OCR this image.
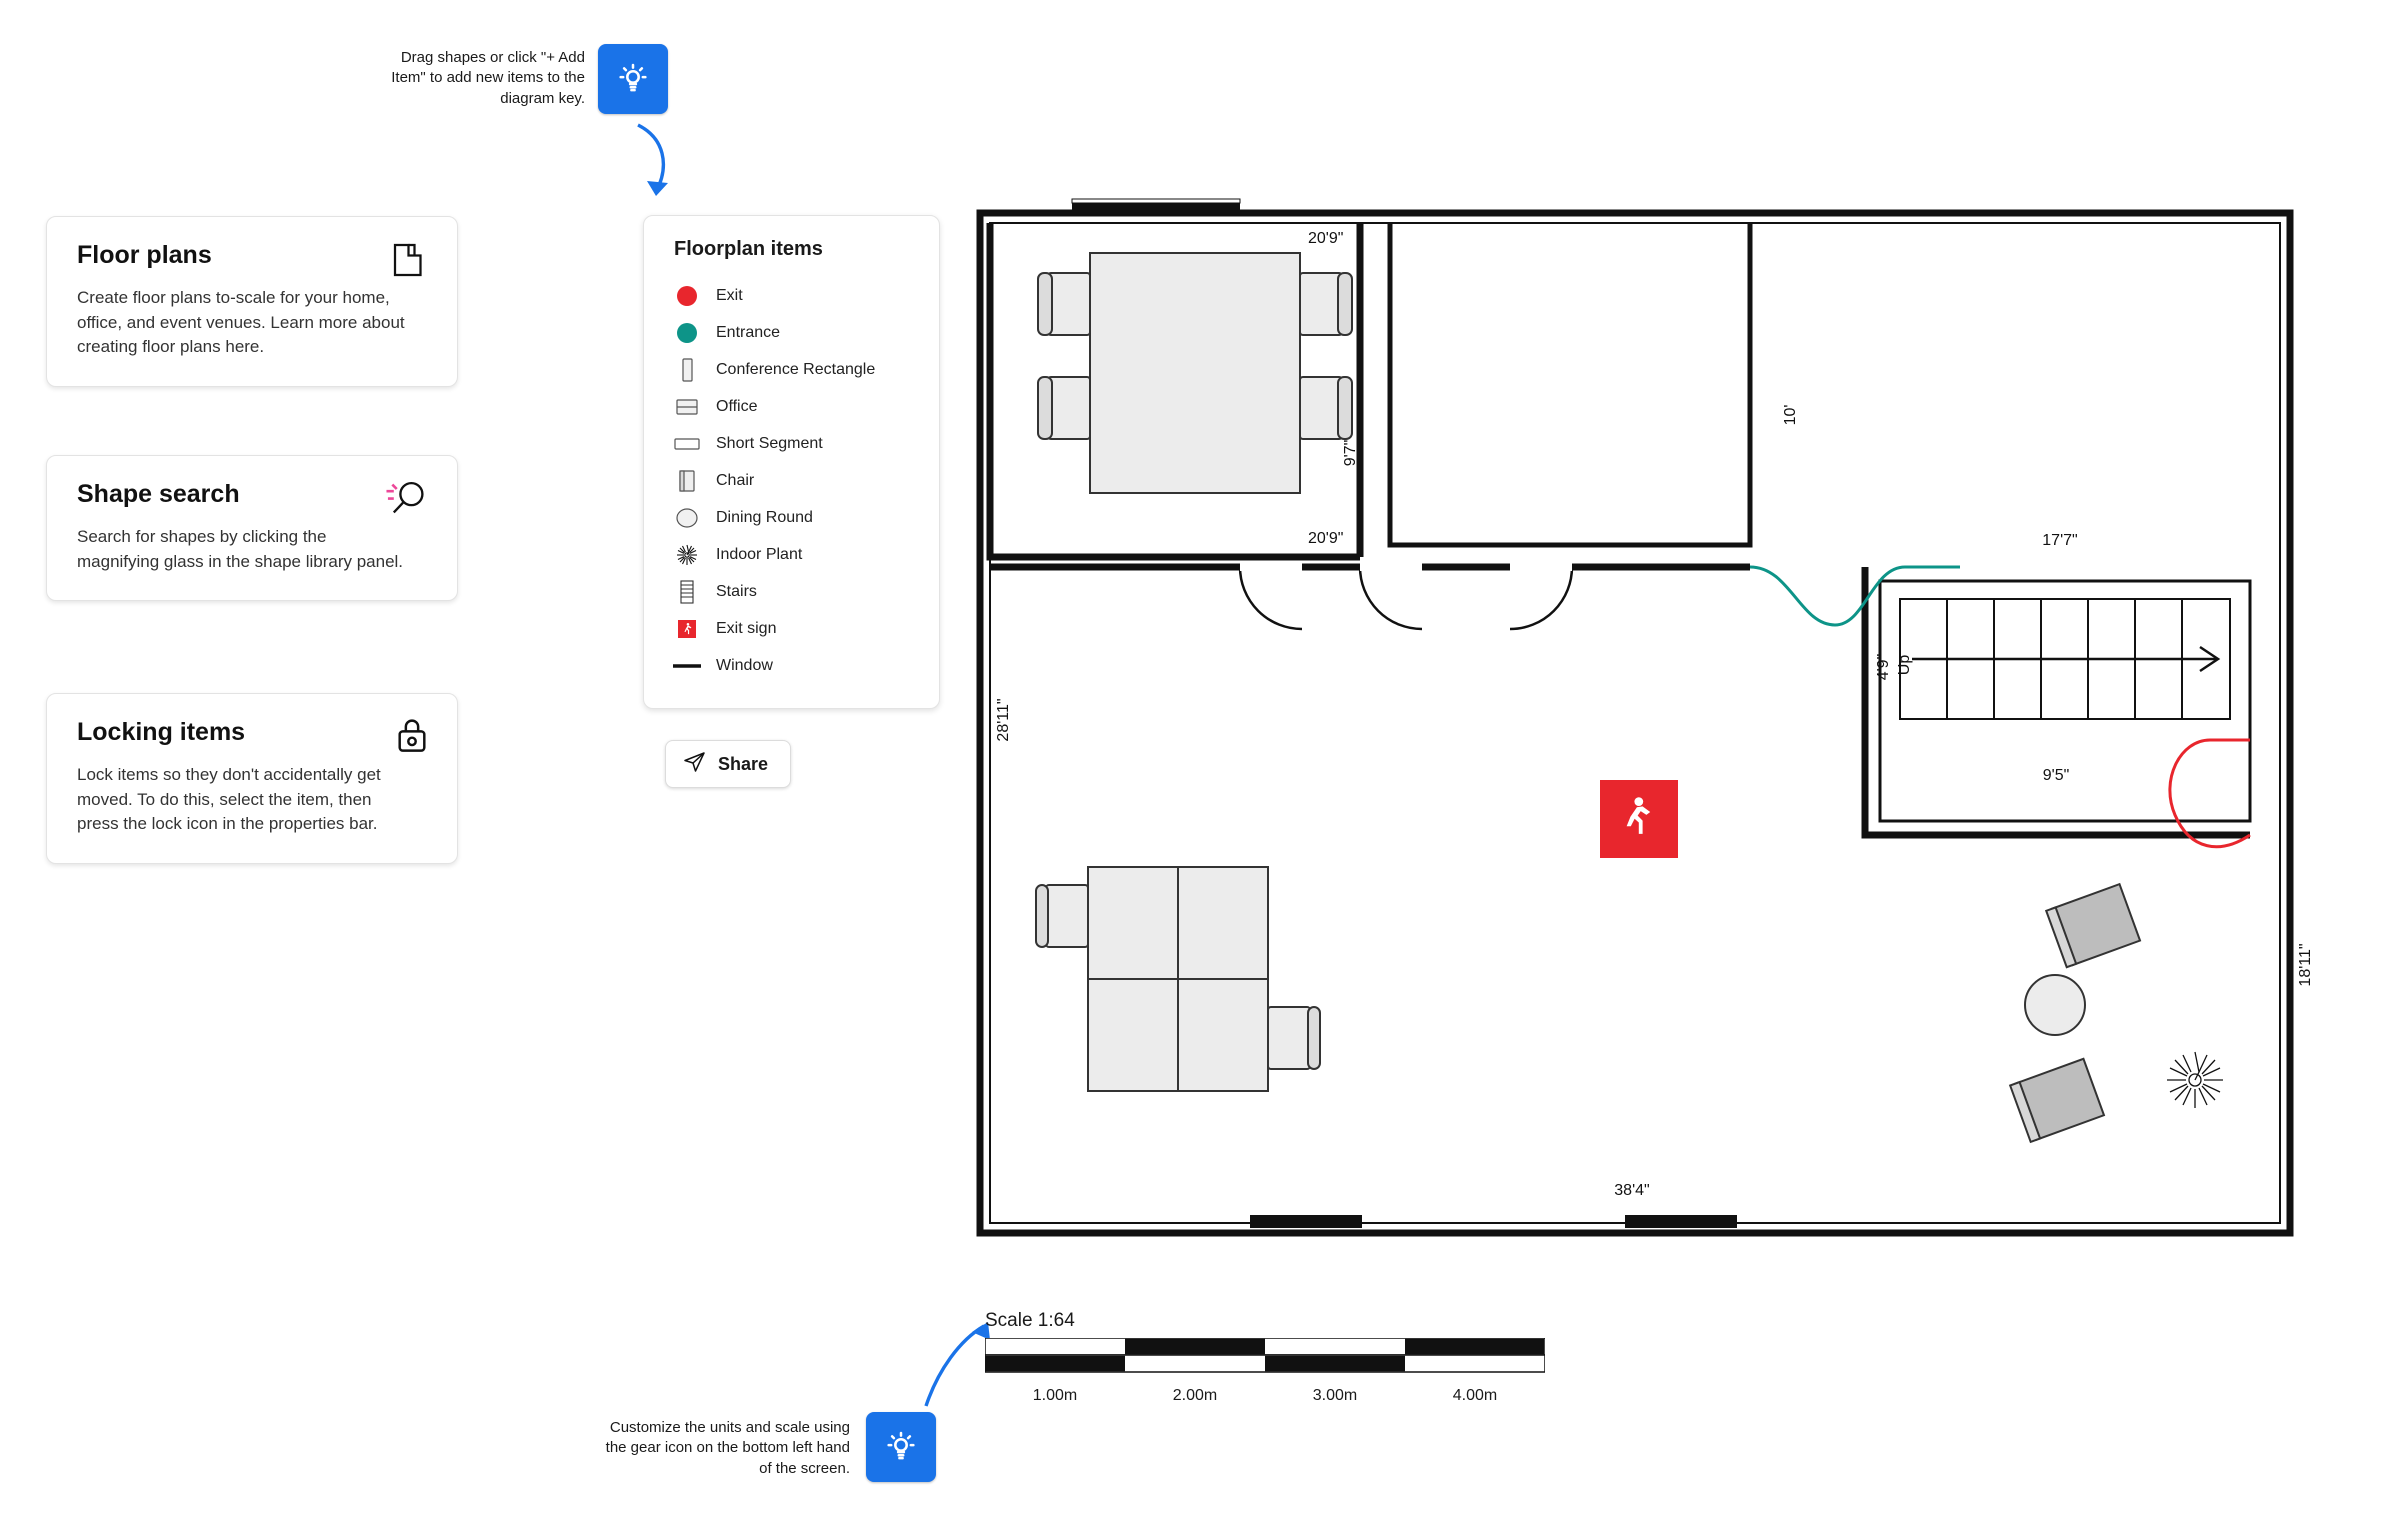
Drag shapes or click "+ Add Item" to add new items to the diagram key.
Floor plans

Create floor plans to-scale for your home, office, and event venues. Learn more about creating floor plans here.

Shape search

Search for shapes by clicking the magnifying glass in the shape library panel.

Locking items

Lock items so they don't accidentally get moved. To do this, select the item, then press the lock icon in the properties bar.

Floorplan items
Exit
Entrance
Conference Rectangle
Office
Short Segment
Chair
Dining Round
Indoor Plant
Stairs
Exit sign
Window
Share
Up
20'9"
9'7"
20'9"
10'
28'11"
38'4"
17'7"
4'9"
9'5"
18'11"
Customize the units and scale using the gear icon on the bottom left hand of the screen.
Scale 1:64
1.00m	2.00m	3.00m	4.00m
